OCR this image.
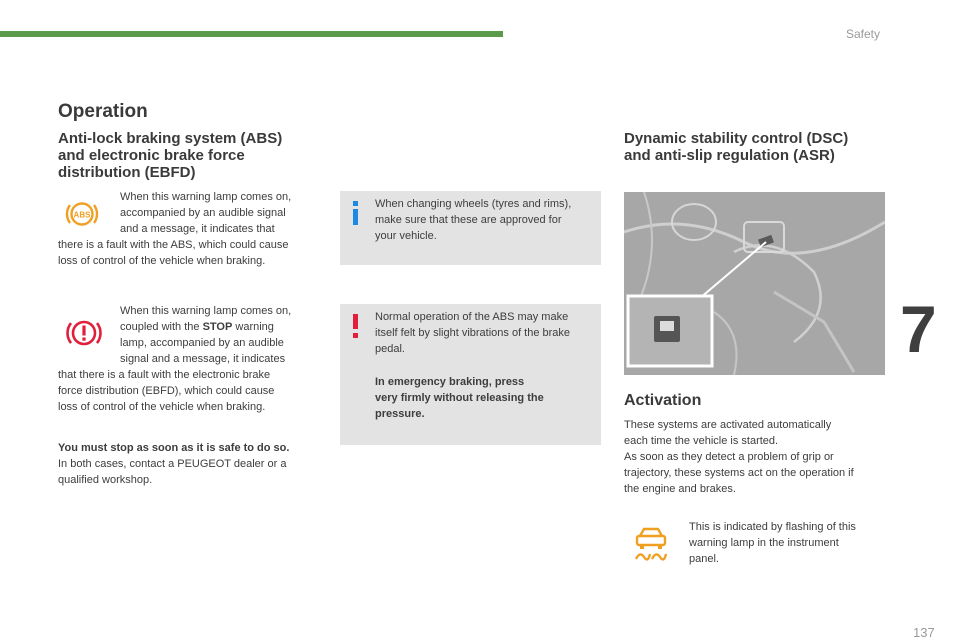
Safety
7
Operation
Anti-lock braking system (ABS)
and electronic brake force
distribution (EBFD)
ABS
When this warning lamp comes on,
accompanied by an audible signal
and a message, it indicates that
there is a fault with the ABS, which could cause
loss of control of the vehicle when braking.
When this warning lamp comes on,
coupled with the STOP warning
lamp, accompanied by an audible
signal and a message, it indicates
that there is a fault with the electronic brake
force distribution (EBFD), which could cause
loss of control of the vehicle when braking.
You must stop as soon as it is safe to do so.
In both cases, contact a PEUGEOT dealer or a
qualified workshop.
When changing wheels (tyres and rims),
make sure that these are approved for
your vehicle.
Normal operation of the ABS may make
itself felt by slight vibrations of the brake
pedal.
In emergency braking, press
very firmly without releasing the
pressure.
Dynamic stability control (DSC)
and anti-slip regulation (ASR)
Activation
These systems are activated automatically
each time the vehicle is started.
As soon as they detect a problem of grip or
trajectory, these systems act on the operation if
the engine and brakes.
This is indicated by flashing of this
warning lamp in the instrument
panel.
137
